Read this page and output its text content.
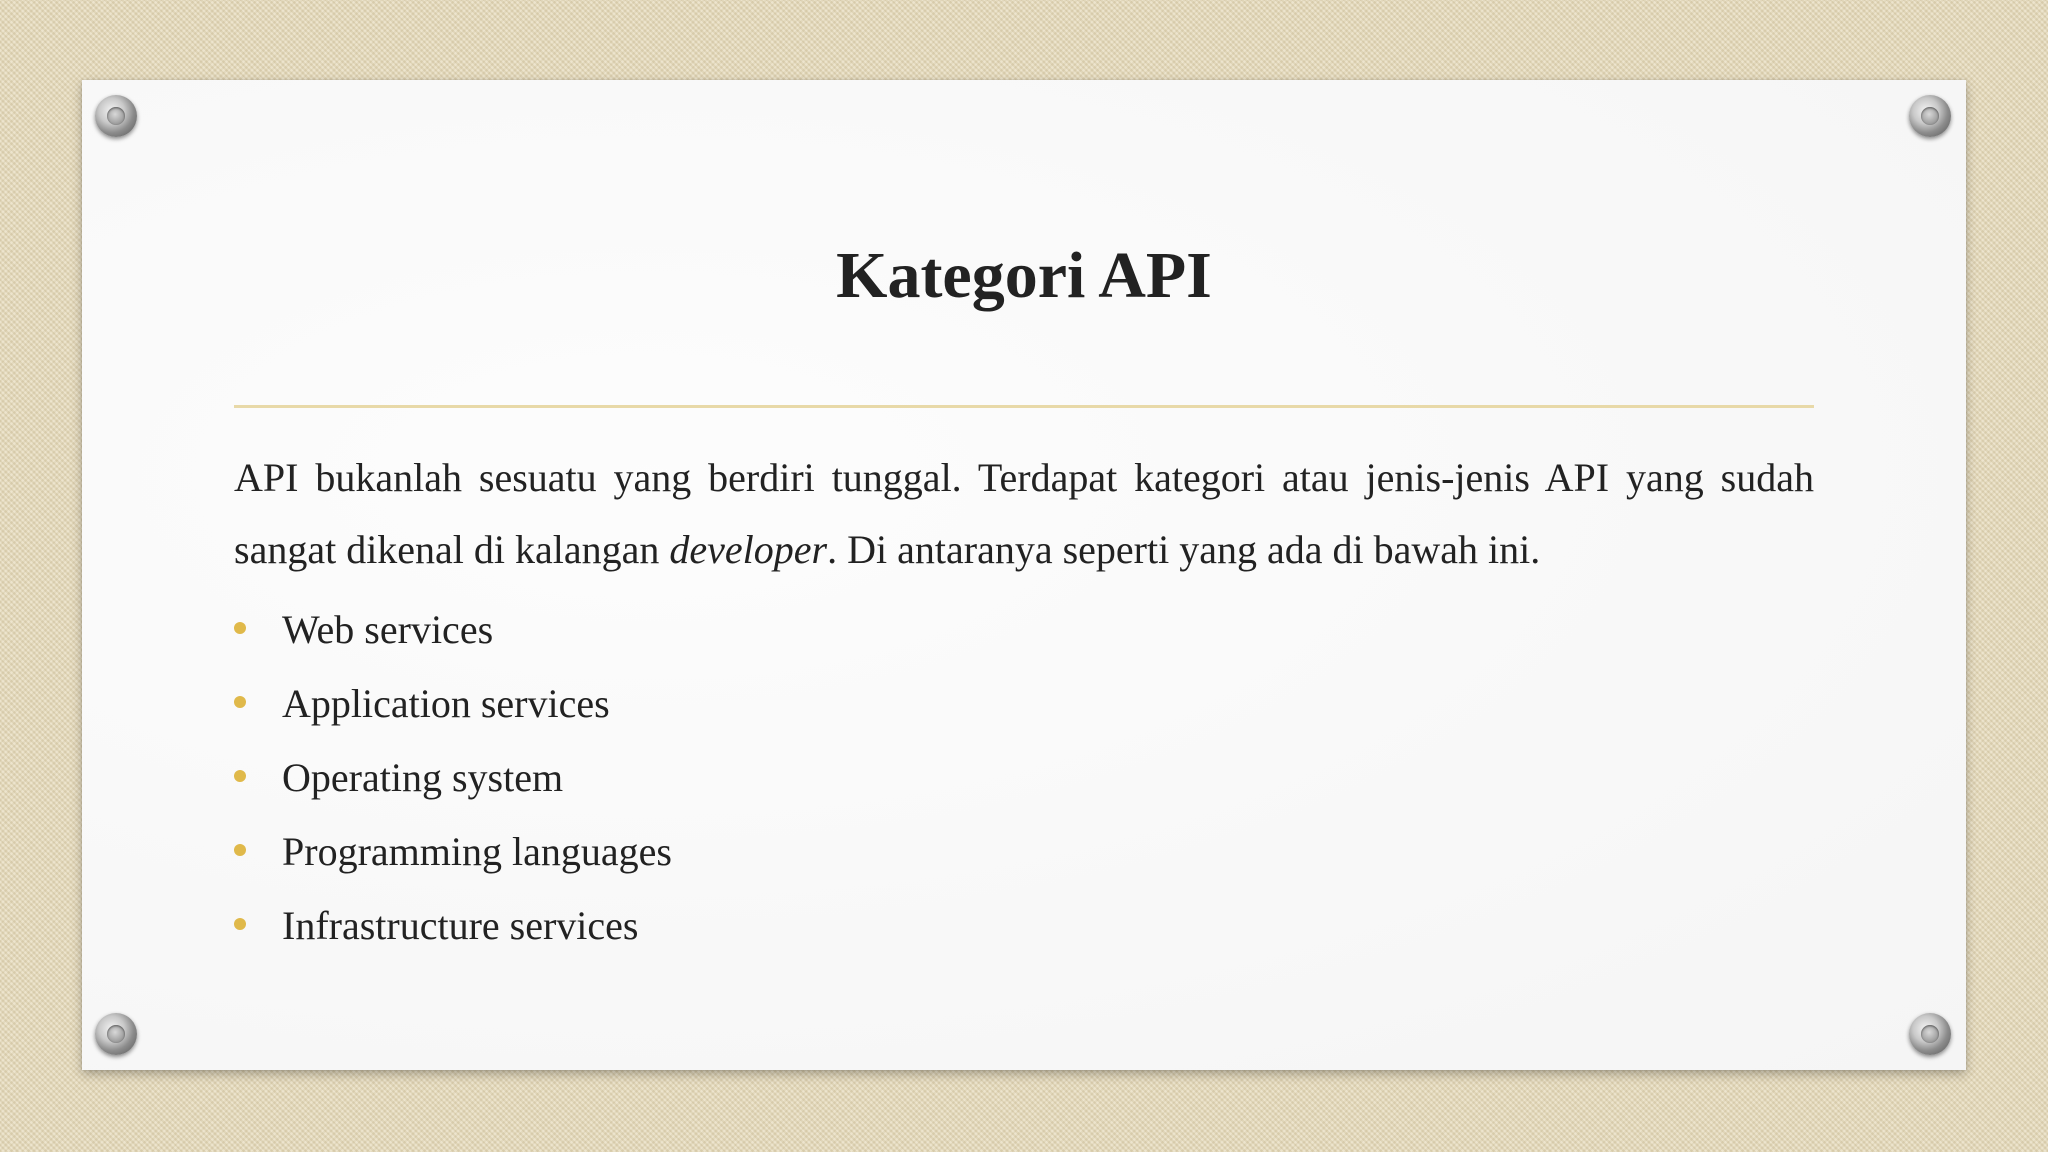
Kategori API

API bukanlah sesuatu yang berdiri tunggal. Terdapat kategori atau jenis-jenis API yang sudah sangat dikenal di kalangan developer. Di antaranya seperti yang ada di bawah ini.

Web services
Application services
Operating system
Programming languages
Infrastructure services
